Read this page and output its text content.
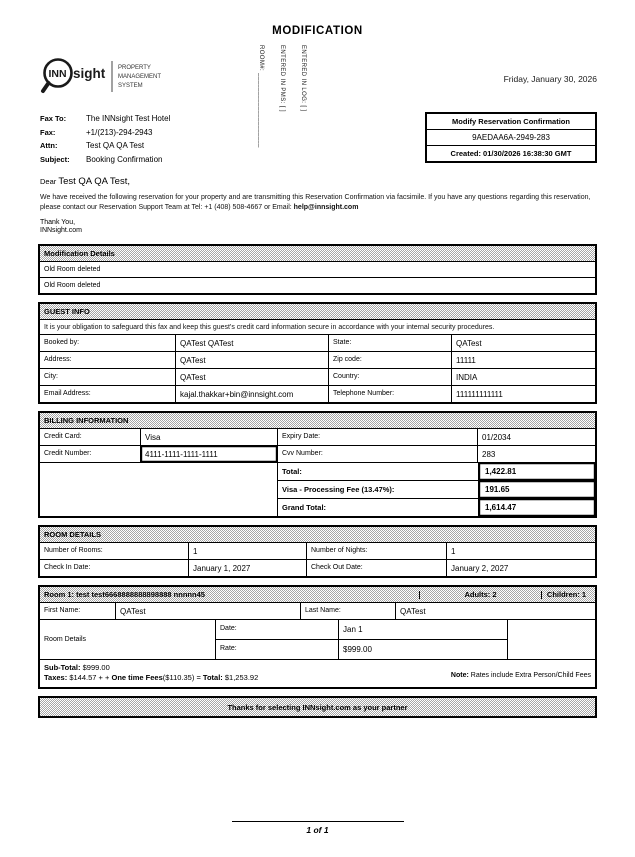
MODIFICATION
ROOM#: ____________________	ENTERED IN PMS: [ ]	ENTERED IN LOG: [ ]
INN sight PROPERTY
MANAGEMENT
SYSTEM
Friday, January 30, 2026
Fax To:	The INNsight Test Hotel
Fax:	+1/(213)-294-2943
Attn:	Test QA QA Test
Subject:	Booking Confirmation
Modify Reservation Confirmation
9AEDAA6A-2949-283
Created: 01/30/2026 16:38:30 GMT
Dear Test QA QA Test,

We have received the following reservation for your property and are transmitting this Reservation Confirmation via facsimile. If you have any questions regarding this reservation, please contact our Reservation Support Team at Tel: +1 (408) 508-4667 or Email: help@innsight.com

Thank You,
INNsight.com
Modification Details
Old Room deleted
Old Room deleted
GUEST INFO
It is your obligation to safeguard this fax and keep this guest's credit card information secure in accordance with your internal security procedures.
Booked by:	QATest QATest	State:	QATest
Address:	QATest	Zip code:	11111
City:	QATest	Country:	INDIA
Email Address:	kajal.thakkar+bin@innsight.com	Telephone Number:	111111111111
BILLING INFORMATION
Credit Card:	Visa	Expiry Date:	01/2034
Credit Number:	4111-1111-1111-1111	Cvv Number:	283
Total:	1,422.81
Visa - Processing Fee (13.47%):	191.65
Grand Total:	1,614.47
ROOM DETAILS
Number of Rooms:	1	Number of Nights:	1
Check In Date:	January 1, 2027	Check Out Date:	January 2, 2027
Room 1: test test6668888888898888 nnnnn45	Adults: 2	Children: 1
First Name:	QATest	Last Name:	QATest
Room Details
Date:	Jan 1
Rate:	$999.00
Sub-Total: $999.00
Taxes: $144.57 + + One time Fees($110.35) = Total: $1,253.92	Note: Rates include Extra Person/Child Fees
Thanks for selecting INNsight.com as your partner
1 of 1
